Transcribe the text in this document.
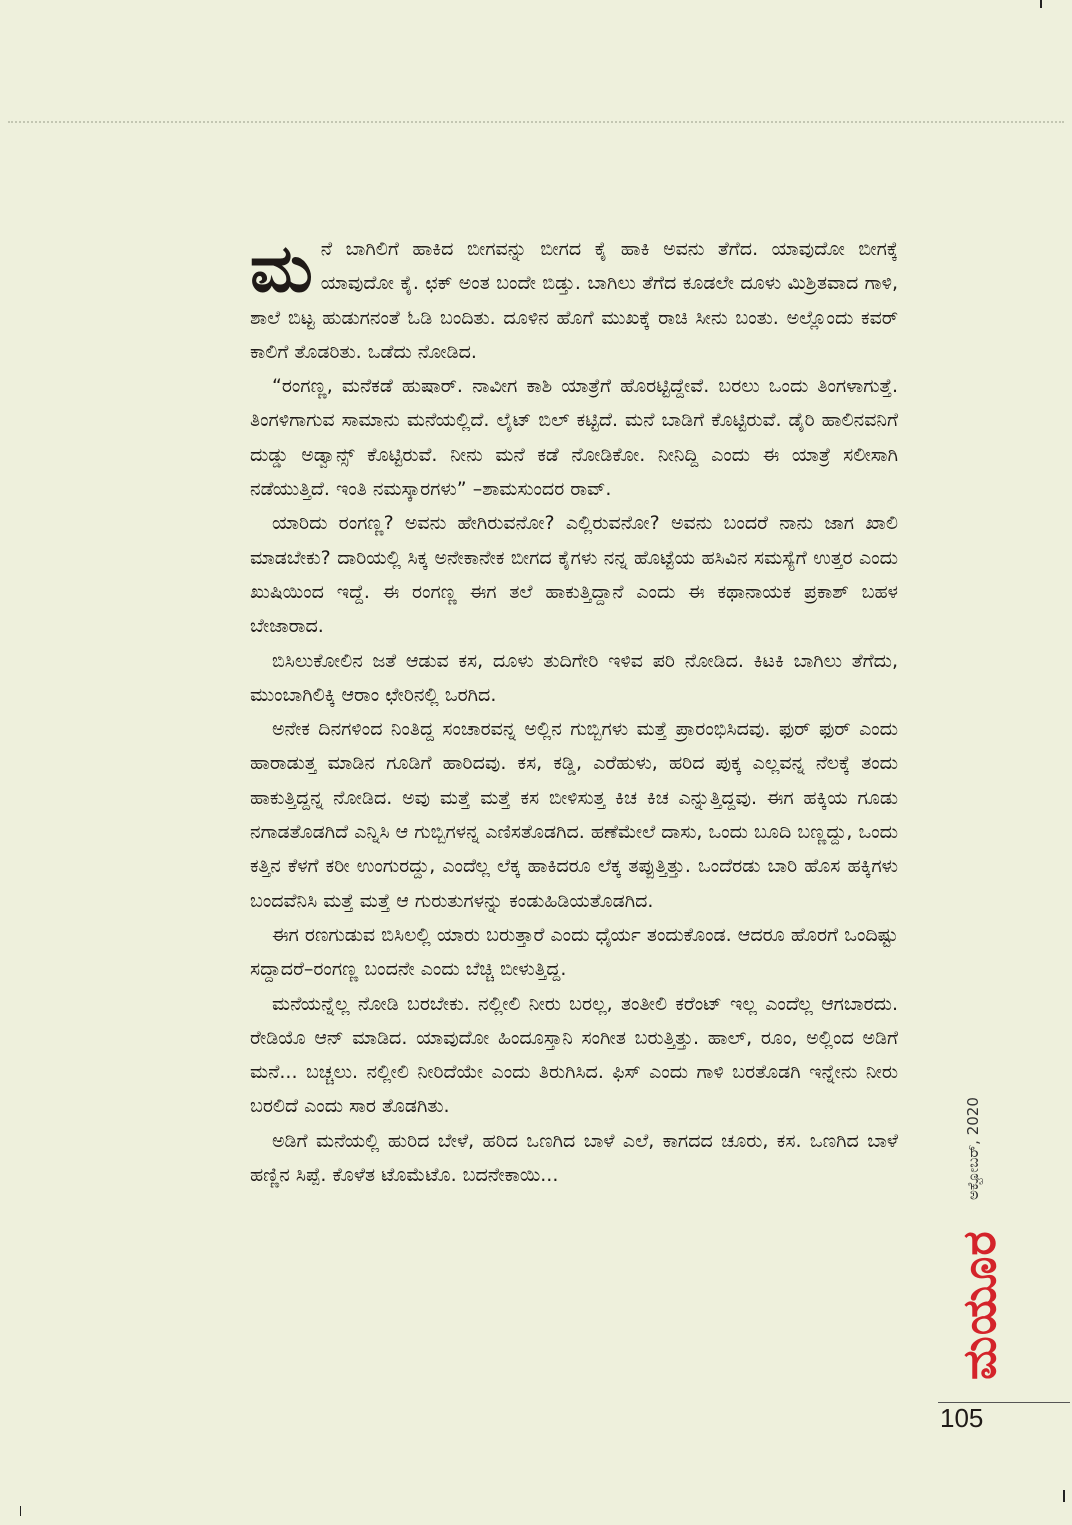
ಮನೆ ಬಾಗಿಲಿಗೆ ಹಾಕಿದ ಬೀಗವನ್ನು ಬೀಗದ ಕೈ ಹಾಕಿ ಅವನು ತೆಗೆದ. ಯಾವುದೋ ಬೀಗಕ್ಕೆ ಯಾವುದೋ ಕೈ. ಛಕ್ ಅಂತ ಬಂದೇ ಬಿಡ್ತು. ಬಾಗಿಲು ತೆಗೆದ ಕೂಡಲೇ ದೂಳು ಮಿಶ್ರಿತವಾದ ಗಾಳಿ, ಶಾಲೆ ಬಿಟ್ಟ ಹುಡುಗನಂತೆ ಓಡಿ ಬಂದಿತು. ದೂಳಿನ ಹೊಗೆ ಮುಖಕ್ಕೆ ರಾಚಿ ಸೀನು ಬಂತು. ಅಲ್ಲೊಂದು ಕವರ್ ಕಾಲಿಗೆ ತೊಡರಿತು. ಒಡೆದು ನೋಡಿದ.

“ರಂಗಣ್ಣ, ಮನೆಕಡೆ ಹುಷಾರ್. ನಾವೀಗ ಕಾಶಿ ಯಾತ್ರೆಗೆ ಹೊರಟ್ಟಿದ್ದೇವೆ. ಬರಲು ಒಂದು ತಿಂಗಳಾಗುತ್ತೆ. ತಿಂಗಳಿಗಾಗುವ ಸಾಮಾನು ಮನೆಯಲ್ಲಿದೆ. ಲೈಟ್ ಬಿಲ್ ಕಟ್ಟಿದೆ. ಮನೆ ಬಾಡಿಗೆ ಕೊಟ್ಟಿರುವೆ. ಡೈರಿ ಹಾಲಿನವನಿಗೆ ದುಡ್ಡು ಅಡ್ವಾನ್ಸ್ ಕೊಟ್ಟಿರುವೆ. ನೀನು ಮನೆ ಕಡೆ ನೋಡಿಕೋ. ನೀನಿದ್ದಿ ಎಂದು ಈ ಯಾತ್ರೆ ಸಲೀಸಾಗಿ ನಡೆಯುತ್ತಿದೆ. ಇಂತಿ ನಮಸ್ಕಾರಗಳು” –ಶಾಮಸುಂದರ ರಾವ್.

ಯಾರಿದು ರಂಗಣ್ಣ? ಅವನು ಹೇಗಿರುವನೋ? ಎಲ್ಲಿರುವನೋ? ಅವನು ಬಂದರೆ ನಾನು ಜಾಗ ಖಾಲಿ ಮಾಡಬೇಕು? ದಾರಿಯಲ್ಲಿ ಸಿಕ್ಕ ಅನೇಕಾನೇಕ ಬೀಗದ ಕೈಗಳು ನನ್ನ ಹೊಟ್ಟೆಯ ಹಸಿವಿನ ಸಮಸ್ಯೆಗೆ ಉತ್ತರ ಎಂದು ಖುಷಿಯಿಂದ ಇದ್ದೆ. ಈ ರಂಗಣ್ಣ ಈಗ ತಲೆ ಹಾಕುತ್ತಿದ್ದಾನೆ ಎಂದು ಈ ಕಥಾನಾಯಕ ಪ್ರಕಾಶ್ ಬಹಳ ಬೇಜಾರಾದ.

ಬಿಸಿಲುಕೋಲಿನ ಜತೆ ಆಡುವ ಕಸ, ದೂಳು ತುದಿಗೇರಿ ಇಳಿವ ಪರಿ ನೋಡಿದ. ಕಿಟಕಿ ಬಾಗಿಲು ತೆಗೆದು, ಮುಂಬಾಗಿಲಿಕ್ಕಿ ಆರಾಂ ಛೇರಿನಲ್ಲಿ ಒರಗಿದ.

ಅನೇಕ ದಿನಗಳಿಂದ ನಿಂತಿದ್ದ ಸಂಚಾರವನ್ನ ಅಲ್ಲಿನ ಗುಬ್ಬಿಗಳು ಮತ್ತೆ ಪ್ರಾರಂಭಿಸಿದವು. ಫುರ್ ಫುರ್ ಎಂದು ಹಾರಾಡುತ್ತ ಮಾಡಿನ ಗೂಡಿಗೆ ಹಾರಿದವು. ಕಸ, ಕಡ್ಡಿ, ಎರೆಹುಳು, ಹರಿದ ಪುಕ್ಕ ಎಲ್ಲವನ್ನ ನೆಲಕ್ಕೆ ತಂದು ಹಾಕುತ್ತಿದ್ದನ್ನ ನೋಡಿದ. ಅವು ಮತ್ತೆ ಮತ್ತೆ ಕಸ ಬೀಳಿಸುತ್ತ ಕಿಚ ಕಿಚ ಎನ್ನುತ್ತಿದ್ದವು. ಈಗ ಹಕ್ಕಿಯ ಗೂಡು ನಗಾಡತೊಡಗಿದೆ ಎನ್ನಿಸಿ ಆ ಗುಬ್ಬಿಗಳನ್ನ ಎಣಿಸತೊಡಗಿದ. ಹಣೆಮೇಲೆ ದಾಸು, ಒಂದು ಬೂದಿ ಬಣ್ಣದ್ದು, ಒಂದು ಕತ್ತಿನ ಕೆಳಗೆ ಕರೀ ಉಂಗುರದ್ದು, ಎಂದೆಲ್ಲ ಲೆಕ್ಕ ಹಾಕಿದರೂ ಲೆಕ್ಕ ತಪ್ಪುತ್ತಿತ್ತು. ಒಂದೆರಡು ಬಾರಿ ಹೊಸ ಹಕ್ಕಿಗಳು ಬಂದವೆನಿಸಿ ಮತ್ತೆ ಮತ್ತೆ ಆ ಗುರುತುಗಳನ್ನು ಕಂಡುಹಿಡಿಯತೊಡಗಿದ.

ಈಗ ರಣಗುಡುವ ಬಿಸಿಲಲ್ಲಿ ಯಾರು ಬರುತ್ತಾರೆ ಎಂದು ಧೈರ್ಯ ತಂದುಕೊಂಡ. ಆದರೂ ಹೊರಗೆ ಒಂದಿಷ್ಟು ಸದ್ದಾದರೆ–ರಂಗಣ್ಣ ಬಂದನೇ ಎಂದು ಬೆಚ್ಚಿ ಬೀಳುತ್ತಿದ್ದ.

ಮನೆಯನ್ನೆಲ್ಲ ನೋಡಿ ಬರಬೇಕು. ನಲ್ಲೀಲಿ ನೀರು ಬರಲ್ಲ, ತಂತೀಲಿ ಕರೆಂಟ್ ಇಲ್ಲ ಎಂದೆಲ್ಲ ಆಗಬಾರದು. ರೇಡಿಯೊ ಆನ್ ಮಾಡಿದ. ಯಾವುದೋ ಹಿಂದೂಸ್ತಾನಿ ಸಂಗೀತ ಬರುತ್ತಿತ್ತು. ಹಾಲ್, ರೂಂ, ಅಲ್ಲಿಂದ ಅಡಿಗೆ ಮನೆ... ಬಚ್ಚಲು. ನಲ್ಲೀಲಿ ನೀರಿದೆಯೇ ಎಂದು ತಿರುಗಿಸಿದ. ಫಿಸ್ ಎಂದು ಗಾಳಿ ಬರತೊಡಗಿ ಇನ್ನೇನು ನೀರು ಬರಲಿದೆ ಎಂದು ಸಾರ ತೊಡಗಿತು.

ಅಡಿಗೆ ಮನೆಯಲ್ಲಿ ಹುರಿದ ಬೇಳೆ, ಹರಿದ ಒಣಗಿದ ಬಾಳೆ ಎಲೆ, ಕಾಗದದ ಚೂರು, ಕಸ. ಒಣಗಿದ ಬಾಳೆ ಹಣ್ಣಿನ ಸಿಪ್ಪೆ. ಕೊಳೆತ ಟೊಮೆಟೊ. ಬದನೇಕಾಯಿ...	ಅಕ್ಟೋಬರ್, 2020
ಮಯೂರ
105
